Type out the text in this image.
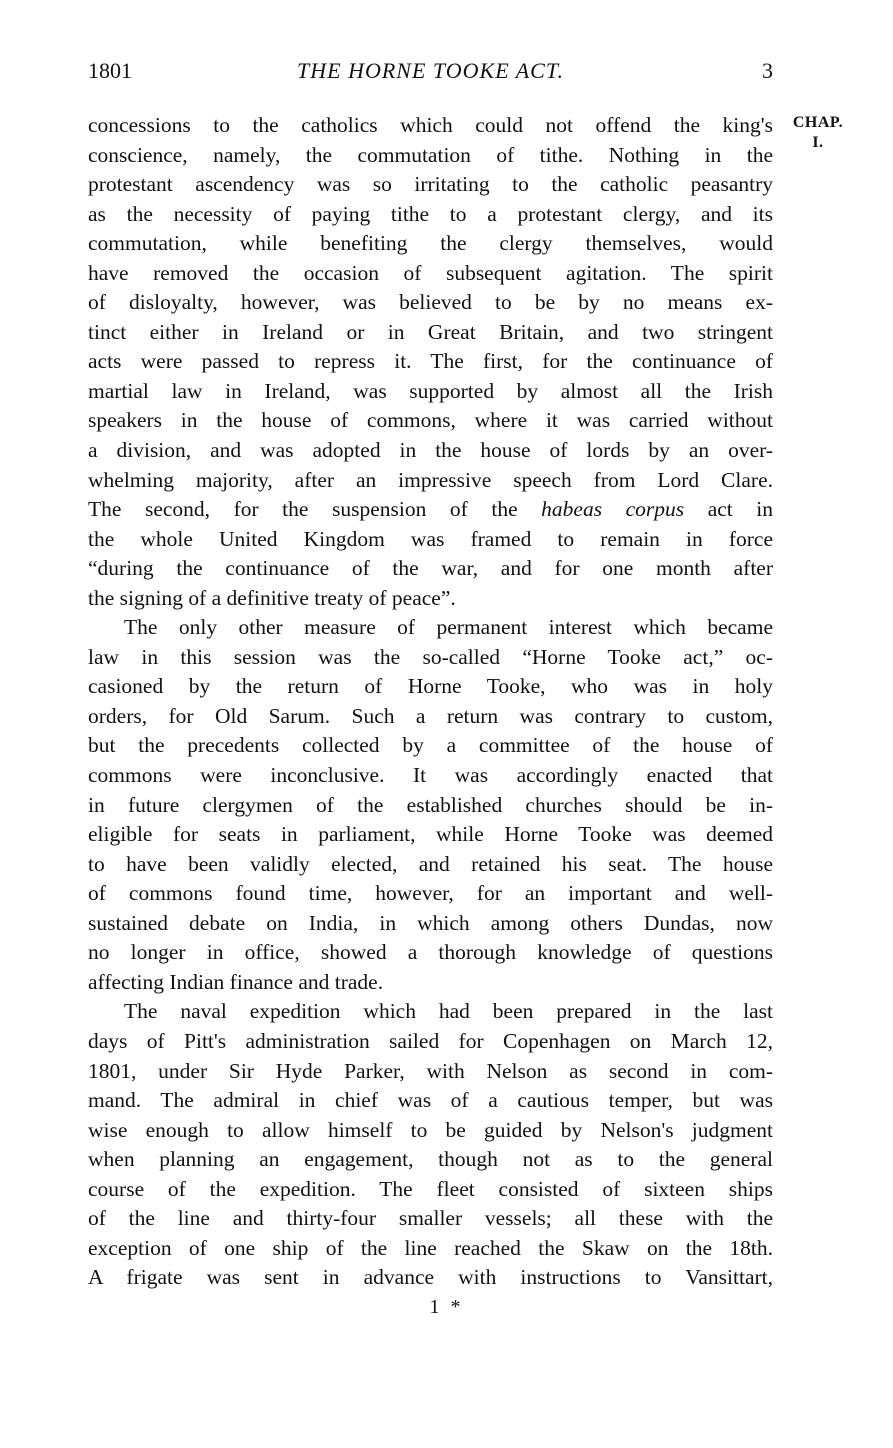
1801	THE HORNE TOOKE ACT.	3
CHAP.
I.
concessions to the catholics which could not offend the king's
conscience, namely, the commutation of tithe. Nothing in the
protestant ascendency was so irritating to the catholic peasantry
as the necessity of paying tithe to a protestant clergy, and its
commutation, while benefiting the clergy themselves, would
have removed the occasion of subsequent agitation. The spirit
of disloyalty, however, was believed to be by no means ex-
tinct either in Ireland or in Great Britain, and two stringent
acts were passed to repress it. The first, for the continuance of
martial law in Ireland, was supported by almost all the Irish
speakers in the house of commons, where it was carried without
a division, and was adopted in the house of lords by an over-
whelming majority, after an impressive speech from Lord Clare.
The second, for the suspension of the habeas corpus act in
the whole United Kingdom was framed to remain in force
“during the continuance of the war, and for one month after
the signing of a definitive treaty of peace”.
The only other measure of permanent interest which became
law in this session was the so-called “Horne Tooke act,” oc-
casioned by the return of Horne Tooke, who was in holy
orders, for Old Sarum. Such a return was contrary to custom,
but the precedents collected by a committee of the house of
commons were inconclusive. It was accordingly enacted that
in future clergymen of the established churches should be in-
eligible for seats in parliament, while Horne Tooke was deemed
to have been validly elected, and retained his seat. The house
of commons found time, however, for an important and well-
sustained debate on India, in which among others Dundas, now
no longer in office, showed a thorough knowledge of questions
affecting Indian finance and trade.
The naval expedition which had been prepared in the last
days of Pitt's administration sailed for Copenhagen on March 12,
1801, under Sir Hyde Parker, with Nelson as second in com-
mand. The admiral in chief was of a cautious temper, but was
wise enough to allow himself to be guided by Nelson's judgment
when planning an engagement, though not as to the general
course of the expedition. The fleet consisted of sixteen ships
of the line and thirty-four smaller vessels; all these with the
exception of one ship of the line reached the Skaw on the 18th.
A frigate was sent in advance with instructions to Vansittart,
1 *
